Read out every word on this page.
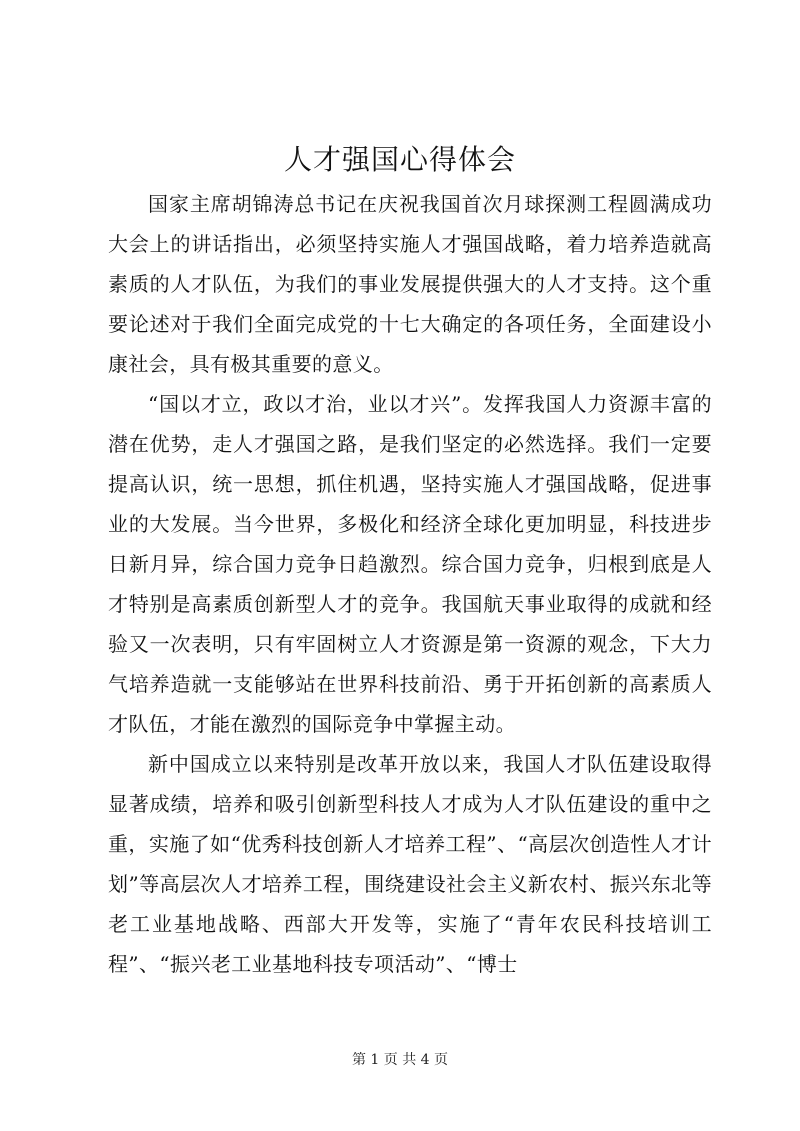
人才强国心得体会

国家主席胡锦涛总书记在庆祝我国首次月球探测工程圆满成功大会上的讲话指出，必须坚持实施人才强国战略，着力培养造就高素质的人才队伍，为我们的事业发展提供强大的人才支持。这个重要论述对于我们全面完成党的十七大确定的各项任务，全面建设小康社会，具有极其重要的意义。

“国以才立，政以才治，业以才兴”。发挥我国人力资源丰富的潜在优势，走人才强国之路，是我们坚定的必然选择。我们一定要提高认识，统一思想，抓住机遇，坚持实施人才强国战略，促进事业的大发展。当今世界，多极化和经济全球化更加明显，科技进步日新月异，综合国力竞争日趋激烈。综合国力竞争，归根到底是人才特别是高素质创新型人才的竞争。我国航天事业取得的成就和经验又一次表明，只有牢固树立人才资源是第一资源的观念，下大力气培养造就一支能够站在世界科技前沿、勇于开拓创新的高素质人才队伍，才能在激烈的国际竞争中掌握主动。

新中国成立以来特别是改革开放以来，我国人才队伍建设取得显著成绩，培养和吸引创新型科技人才成为人才队伍建设的重中之重，实施了如“优秀科技创新人才培养工程”、“高层次创造性人才计划”等高层次人才培养工程，围绕建设社会主义新农村、振兴东北等老工业基地战略、西部大开发等，实施了“青年农民科技培训工程”、“振兴老工业基地科技专项活动”、“博士

第 1 页 共 4 页
